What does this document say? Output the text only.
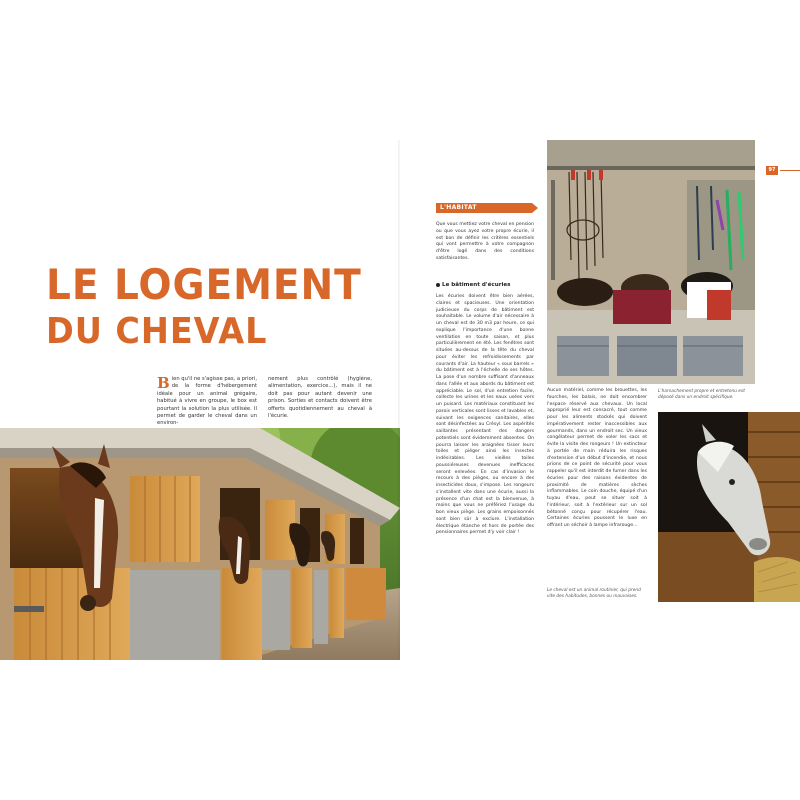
LE LOGEMENT
DU CHEVAL
Bien qu'il ne s'agisse pas, a priori, de la forme d'hébergement idéale pour un animal grégaire, habitué à vivre en groupe, le box est pourtant la solution la plus utilisée. Il permet de garder le cheval dans un environ-
nement plus contrôlé (hygiène, alimentation, exercice...), mais il ne doit pas pour autant devenir une prison. Sorties et contacts doivent être offerts quotidiennement au cheval à l'écurie.
L'HABITAT
Que vous mettiez votre cheval en pension ou que vous ayez votre propre écurie, il est bon de définir les critères essentiels qui vont permettre à votre compagnon d'être logé dans des conditions satisfaisantes.
Le bâtiment d'écuries
Les écuries doivent être bien aérées, claires et spacieuses. Une orientation judicieuse du corps de bâtiment est souhaitable. Le volume d'air nécessaire à un cheval est de 30 m3 par heure, ce qui explique l'importance d'une bonne ventilation en toute saison, et plus particulièrement en été. Les fenêtres sont situées au-dessus de la tête du cheval pour éviter les refroidissements par courants d'air. La hauteur « sous barrels » du bâtiment est à l'échelle de ses hôtes. La pose d'un nombre suffisant d'anneaux dans l'allée et aux abords du bâtiment est appréciable. Le sol, d'un entretien facile, collecte les urines et les eaux usées vers un puisard. Les matériaux constituant les parois verticales sont lisses et lavables et, suivant les exigences sanitaires, elles sont désinfectées au Crésyl. Les aspérités saillantes présentant des dangers potentiels sont évidemment absentes. On pourra laisser les araignées tisser leurs toiles et piéger ainsi les insectes indésirables. Les vieilles toiles poussiéreuses devenues inefficaces seront enlevées. En cas d'invasion le recours à des pièges, ou encore à des insecticides doux, s'impose. Les rongeurs s'installent vite dans une écurie, aussi la présence d'un chat est la bienvenue, à moins que vous ne préfériez l'usage du bon vieux piège. Les grains empoisonnés sont bien sûr à exclure. L'installation électrique étanche et hors de portée des pensionnaires permet d'y voir clair !
L'harnachement propre et entretenu est déposé dans un endroit spécifique.
Aucun matériel, comme les brouettes, les fourches, les balais, ne doit encombrer l'espace réservé aux chevaux. Un local approprié leur est consacré, tout comme pour les aliments stockés qui doivent impérativement rester inaccessibles aux gourmands, dans un endroit sec. Un vieux congélateur permet de voler les sacs et évite la visite des rongeurs ! Un extincteur à portée de main réduira les risques d'extension d'un début d'incendie, et nous prions de ce point de sécurité pour vous rappeler qu'il est interdit de fumer dans les écuries pour des raisons évidentes de proximité de matières sèches inflammables. Le coin douche, équipé d'un tuyau d'eau, peut se situer soit à l'intérieur, soit à l'extérieur sur un sol bétonné conçu pour récupérer l'eau. Certaines écuries poussent le luxe en offrant un séchoir à lampe infrarouge...
Le cheval est un animal routinier, qui prend vite des habitudes, bonnes ou mauvaises.
97
